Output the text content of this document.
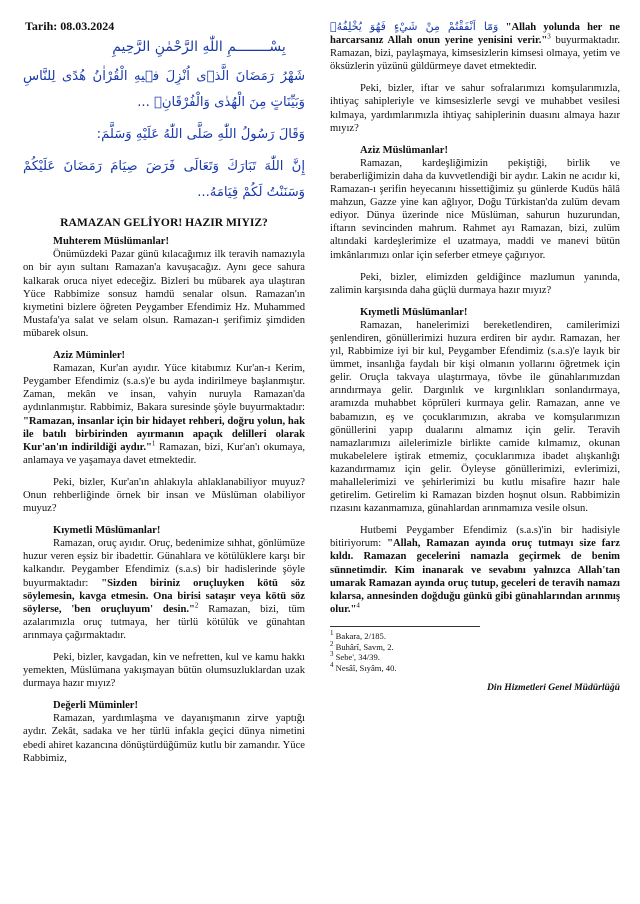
Tarih: 08.03.2024
بِسْــــــــمِ اللّٰهِ الرَّحْمٰنِ الرَّحِيمِ
شَهْرُ رَمَضَانَ الَّذٖى اُنْزِلَ فٖيهِ الْقُرْاٰنُ هُدًى لِلنَّاسِ وَبَيِّنَاتٍ مِنَ الْهُدٰى وَالْفُرْقَانِۚ ...
وَقَالَ رَسُولُ اللّٰهِ صَلَّى اللّٰهُ عَلَيْهِ وَسَلَّمَ:
إِنَّ اللّٰهَ تَبَارَكَ وَتَعَالَى فَرَضَ صِيَامَ رَمَضَانَ عَلَيْكُمْ وَسَنَنْتُ لَكُمْ قِيَامَهُ...
RAMAZAN GELİYOR! HAZIR MIYIZ?
Muhterem Müslümanlar!

Önümüzdeki Pazar günü kılacağımız ilk teravih namazıyla on bir ayın sultanı Ramazan'a kavuşacağız. Aynı gece sahura kalkarak oruca niyet edeceğiz. Bizleri bu mübarek aya ulaştıran Yüce Rabbimize sonsuz hamdü senalar olsun. Ramazan'ın kıymetini bizlere öğreten Peygamber Efendimiz Hz. Muhammed Mustafa'ya salat ve selam olsun. Ramazan-ı şerifimiz şimdiden mübarek olsun.

Aziz Müminler!

Ramazan, Kur'an ayıdır. Yüce kitabımız Kur'an-ı Kerim, Peygamber Efendimiz (s.a.s)'e bu ayda indirilmeye başlanmıştır. Zaman, mekân ve insan, vahyin nuruyla Ramazan'da aydınlanmıştır. Rabbimiz, Bakara suresinde şöyle buyurmaktadır: "Ramazan, insanlar için bir hidayet rehberi, doğru yolun, hak ile batılı birbirinden ayırmanın apaçık delilleri olarak Kur'an'ın indirildiği aydır."$^1$ Ramazan, bizi, Kur'an'ı okumaya, anlamaya ve yaşamaya davet etmektedir.

Peki, bizler, Kur'an'ın ahlakıyla ahlaklanabiliyor muyuz? Onun rehberliğinde örnek bir insan ve Müslüman olabiliyor muyuz?

Kıymetli Müslümanlar!

Ramazan, oruç ayıdır. Oruç, bedenimize sıhhat, gönlümüze huzur veren eşsiz bir ibadettir. Günahlara ve kötülüklere karşı bir kalkandır. Peygamber Efendimiz (s.a.s) bir hadislerinde şöyle buyurmaktadır: "Sizden biriniz oruçluyken kötü söz söylemesin, kavga etmesin. Ona birisi sataşır veya kötü söz söylerse, 'ben oruçluyum' desin."$^2$ Ramazan, bizi, tüm azalarımızla oruç tutmaya, her türlü kötülük ve günahtan arınmaya çağırmaktadır.

Peki, bizler, kavgadan, kin ve nefretten, kul ve kamu hakkı yemekten, Müslümana yakışmayan bütün olumsuzluklardan uzak durmaya hazır mıyız?

Değerli Müminler!

Ramazan, yardımlaşma ve dayanışmanın zirve yaptığı aydır. Zekât, sadaka ve her türlü infakla geçici dünya nimetini ebedi ahiret kazancına dönüştürdüğümüz kutlu bir zamandır. Yüce Rabbimiz,

وَمَٓا اَنْفَقْتُمْ مِنْ شَيْءٍ فَهُوَ يُخْلِفُهُۚ "Allah yolunda her ne harcarsanız Allah onun yerine yenisini verir."$^3$ buyurmaktadır. Ramazan, bizi, paylaşmaya, kimsesizlerin kimsesi olmaya, yetim ve öksüzlerin yüzünü güldürmeye davet etmektedir.

Peki, bizler, iftar ve sahur sofralarımızı komşularımızla, ihtiyaç sahipleriyle ve kimsesizlerle sevgi ve muhabbet vesilesi kılmaya, yardımlarımızla ihtiyaç sahiplerinin duasını almaya hazır mıyız?

Aziz Müslümanlar!

Ramazan, kardeşliğimizin pekiştiği, birlik ve beraberliğimizin daha da kuvvetlendiği bir aydır. Lakin ne acıdır ki, Ramazan-ı şerifin heyecanını hissettiğimiz şu günlerde Kudüs hâlâ mahzun, Gazze yine kan ağlıyor, Doğu Türkistan'da zulüm devam ediyor. Dünya üzerinde nice Müslüman, sahurun huzurundan, iftarın sevincinden mahrum. Rahmet ayı Ramazan, bizi, zulüm altındaki kardeşlerimize el uzatmaya, maddi ve manevi bütün imkânlarımızı onlar için seferber etmeye çağırıyor.

Peki, bizler, elimizden geldiğince mazlumun yanında, zalimin karşısında daha güçlü durmaya hazır mıyız?

Kıymetli Müslümanlar!

Ramazan, hanelerimizi bereketlendiren, camilerimizi şenlendiren, gönüllerimizi huzura erdiren bir aydır. Ramazan, her yıl, Rabbimize iyi bir kul, Peygamber Efendimiz (s.a.s)'e layık bir ümmet, insanlığa faydalı bir kişi olmanın yollarını öğretmek için gelir. Oruçla takvaya ulaştırmaya, tövbe ile günahlarımızdan arındırmaya gelir. Dargınlık ve kırgınlıkları sonlandırmaya, aramızda muhabbet köprüleri kurmaya gelir. Ramazan, anne ve babamızın, eş ve çocuklarımızın, akraba ve komşularımızın gönüllerini yapıp dualarını almamız için gelir. Teravih namazlarımızı ailelerimizle birlikte camide kılmamız, okunan mukabelelere iştirak etmemiz, çocuklarımıza ibadet alışkanlığı kazandırmamız için gelir. Öyleyse gönüllerimizi, evlerimizi, mahallelerimizi ve şehirlerimizi bu kutlu misafire hazır hale getirelim. Getirelim ki Ramazan bizden hoşnut olsun. Rabbimizin rızasını kazanmamıza, günahlardan arınmamıza vesile olsun.

Hutbemi Peygamber Efendimiz (s.a.s)'in bir hadisiyle bitiriyorum: "Allah, Ramazan ayında oruç tutmayı size farz kıldı. Ramazan gecelerini namazla geçirmek de benim sünnetimdir. Kim inanarak ve sevabını yalnızca Allah'tan umarak Ramazan ayında oruç tutup, geceleri de teravih namazı kılarsa, annesinden doğduğu günkü gibi günahlarından arınmış olur."$^4$

$^1$ Bakara, 2/185.

$^2$ Buhârî, Savm, 2.

$^3$ Sebe', 34/39.

$^4$ Nesâî, Sıyâm, 40.

Din Hizmetleri Genel Müdürlüğü
